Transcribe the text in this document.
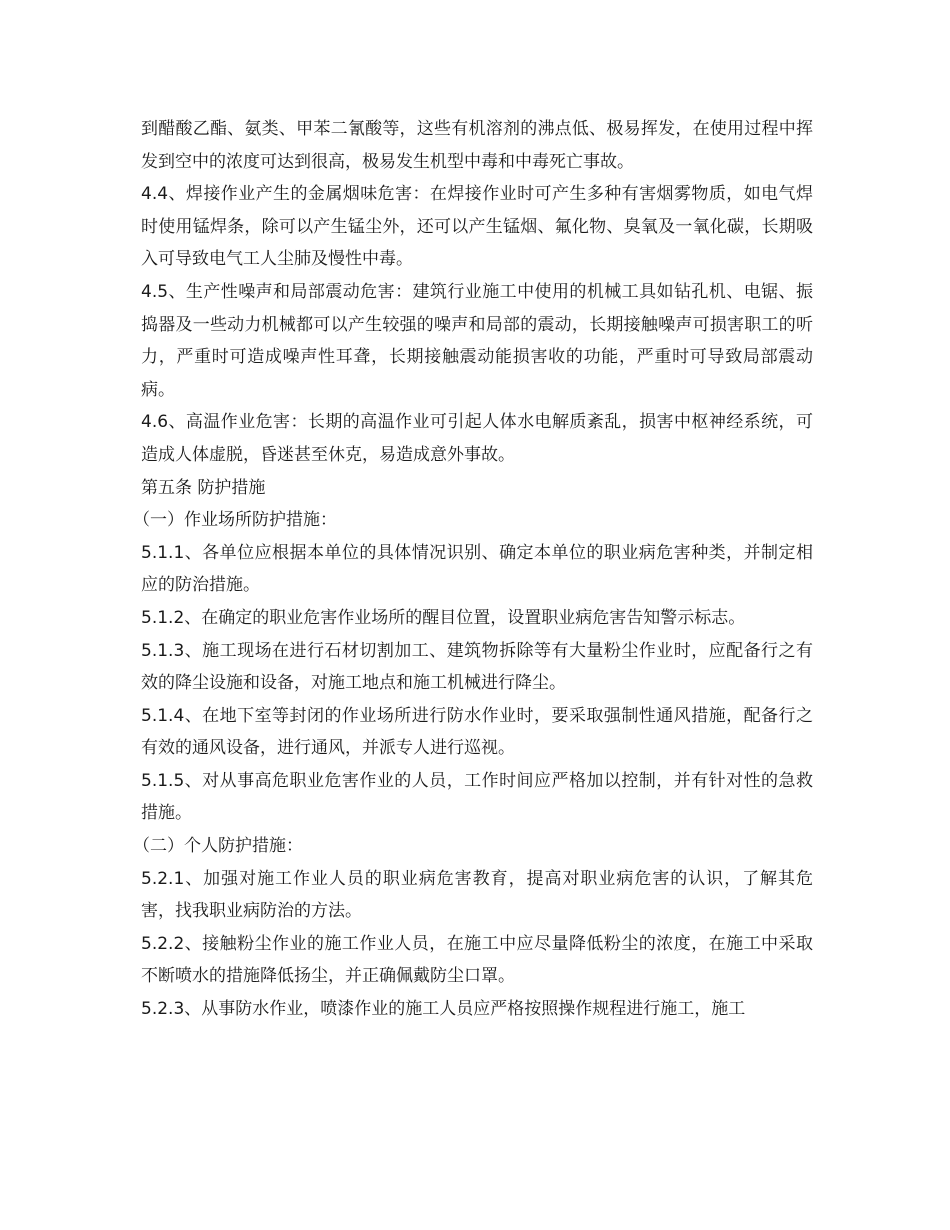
到醋酸乙酯、氨类、甲苯二氰酸等，这些有机溶剂的沸点低、极易挥发，在使用过程中挥发到空中的浓度可达到很高，极易发生机型中毒和中毒死亡事故。

4.4、焊接作业产生的金属烟味危害：在焊接作业时可产生多种有害烟雾物质，如电气焊时使用锰焊条，除可以产生锰尘外，还可以产生锰烟、氟化物、臭氧及一氧化碳，长期吸入可导致电气工人尘肺及慢性中毒。

4.5、生产性噪声和局部震动危害：建筑行业施工中使用的机械工具如钻孔机、电锯、振捣器及一些动力机械都可以产生较强的噪声和局部的震动，长期接触噪声可损害职工的听力，严重时可造成噪声性耳聋，长期接触震动能损害收的功能，严重时可导致局部震动病。

4.6、高温作业危害：长期的高温作业可引起人体水电解质紊乱，损害中枢神经系统，可造成人体虚脱，昏迷甚至休克，易造成意外事故。

第五条 防护措施

（一）作业场所防护措施：

5.1.1、各单位应根据本单位的具体情况识别、确定本单位的职业病危害种类，并制定相应的防治措施。

5.1.2、在确定的职业危害作业场所的醒目位置，设置职业病危害告知警示标志。

5.1.3、施工现场在进行石材切割加工、建筑物拆除等有大量粉尘作业时，应配备行之有效的降尘设施和设备，对施工地点和施工机械进行降尘。

5.1.4、在地下室等封闭的作业场所进行防水作业时，要采取强制性通风措施，配备行之有效的通风设备，进行通风，并派专人进行巡视。

5.1.5、对从事高危职业危害作业的人员，工作时间应严格加以控制，并有针对性的急救措施。

（二）个人防护措施：

5.2.1、加强对施工作业人员的职业病危害教育，提高对职业病危害的认识，了解其危害，找我职业病防治的方法。

5.2.2、接触粉尘作业的施工作业人员，在施工中应尽量降低粉尘的浓度，在施工中采取不断喷水的措施降低扬尘，并正确佩戴防尘口罩。

5.2.3、从事防水作业，喷漆作业的施工人员应严格按照操作规程进行施工，施工
